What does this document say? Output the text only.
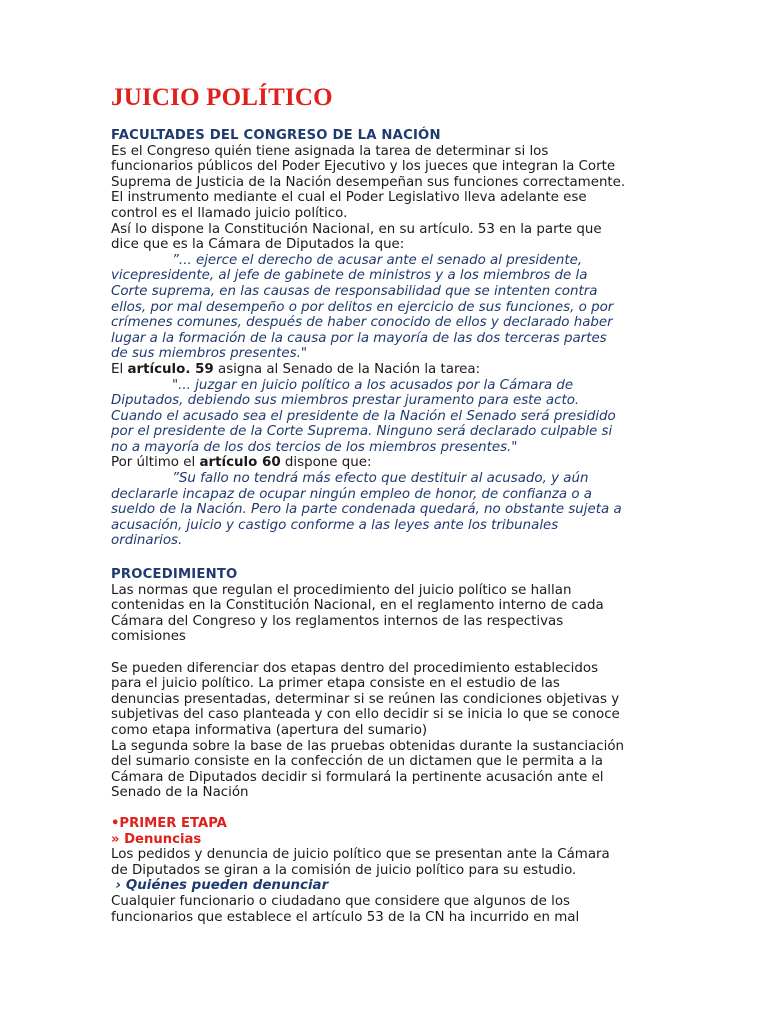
JUICIO POLÍTICO
FACULTADES DEL CONGRESO DE LA NACIÓN
Es el Congreso quién tiene asignada la tarea de determinar si los
funcionarios públicos del Poder Ejecutivo y los jueces que integran la Corte
Suprema de Justicia de la Nación desempeñan sus funciones correctamente.
El instrumento mediante el cual el Poder Legislativo lleva adelante ese
control es el llamado juicio político.
Así lo dispone la Constitución Nacional, en su artículo. 53 en la parte que
dice que es la Cámara de Diputados la que:
”... ejerce el derecho de acusar ante el senado al presidente,
vicepresidente, al jefe de gabinete de ministros y a los miembros de la
Corte suprema, en las causas de responsabilidad que se intenten contra
ellos, por mal desempeño o por delitos en ejercicio de sus funciones, o por
crímenes comunes, después de haber conocido de ellos y declarado haber
lugar a la formación de la causa por la mayoría de las dos terceras partes
de sus miembros presentes."
El artículo. 59 asigna al Senado de la Nación la tarea:
"... juzgar en juicio político a los acusados por la Cámara de
Diputados, debiendo sus miembros prestar juramento para este acto.
Cuando el acusado sea el presidente de la Nación el Senado será presidido
por el presidente de la Corte Suprema. Ninguno será declarado culpable si
no a mayoría de los dos tercios de los miembros presentes."
Por último el artículo 60 dispone que:
”Su fallo no tendrá más efecto que destituir al acusado, y aún
declararle incapaz de ocupar ningún empleo de honor, de confianza o a
sueldo de la Nación. Pero la parte condenada quedará, no obstante sujeta a
acusación, juicio y castigo conforme a las leyes ante los tribunales
ordinarios.
PROCEDIMIENTO
Las normas que regulan el procedimiento del juicio político se hallan
contenidas en la Constitución Nacional, en el reglamento interno de cada
Cámara del Congreso y los reglamentos internos de las respectivas
comisiones
Se pueden diferenciar dos etapas dentro del procedimiento establecidos
para el juicio político. La primer etapa consiste en el estudio de las
denuncias presentadas, determinar si se reúnen las condiciones objetivas y
subjetivas del caso planteada y con ello decidir si se inicia lo que se conoce
como etapa informativa (apertura del sumario)
La segunda sobre la base de las pruebas obtenidas durante la sustanciación
del sumario consiste en la confección de un dictamen que le permita a la
Cámara de Diputados decidir si formulará la pertinente acusación ante el
Senado de la Nación
•PRIMER ETAPA
» Denuncias
Los pedidos y denuncia de juicio político que se presentan ante la Cámara
de Diputados se giran a la comisión de juicio político para su estudio.
› Quiénes pueden denunciar
Cualquier funcionario o ciudadano que considere que algunos de los
funcionarios que establece el artículo 53 de la CN ha incurrido en mal
